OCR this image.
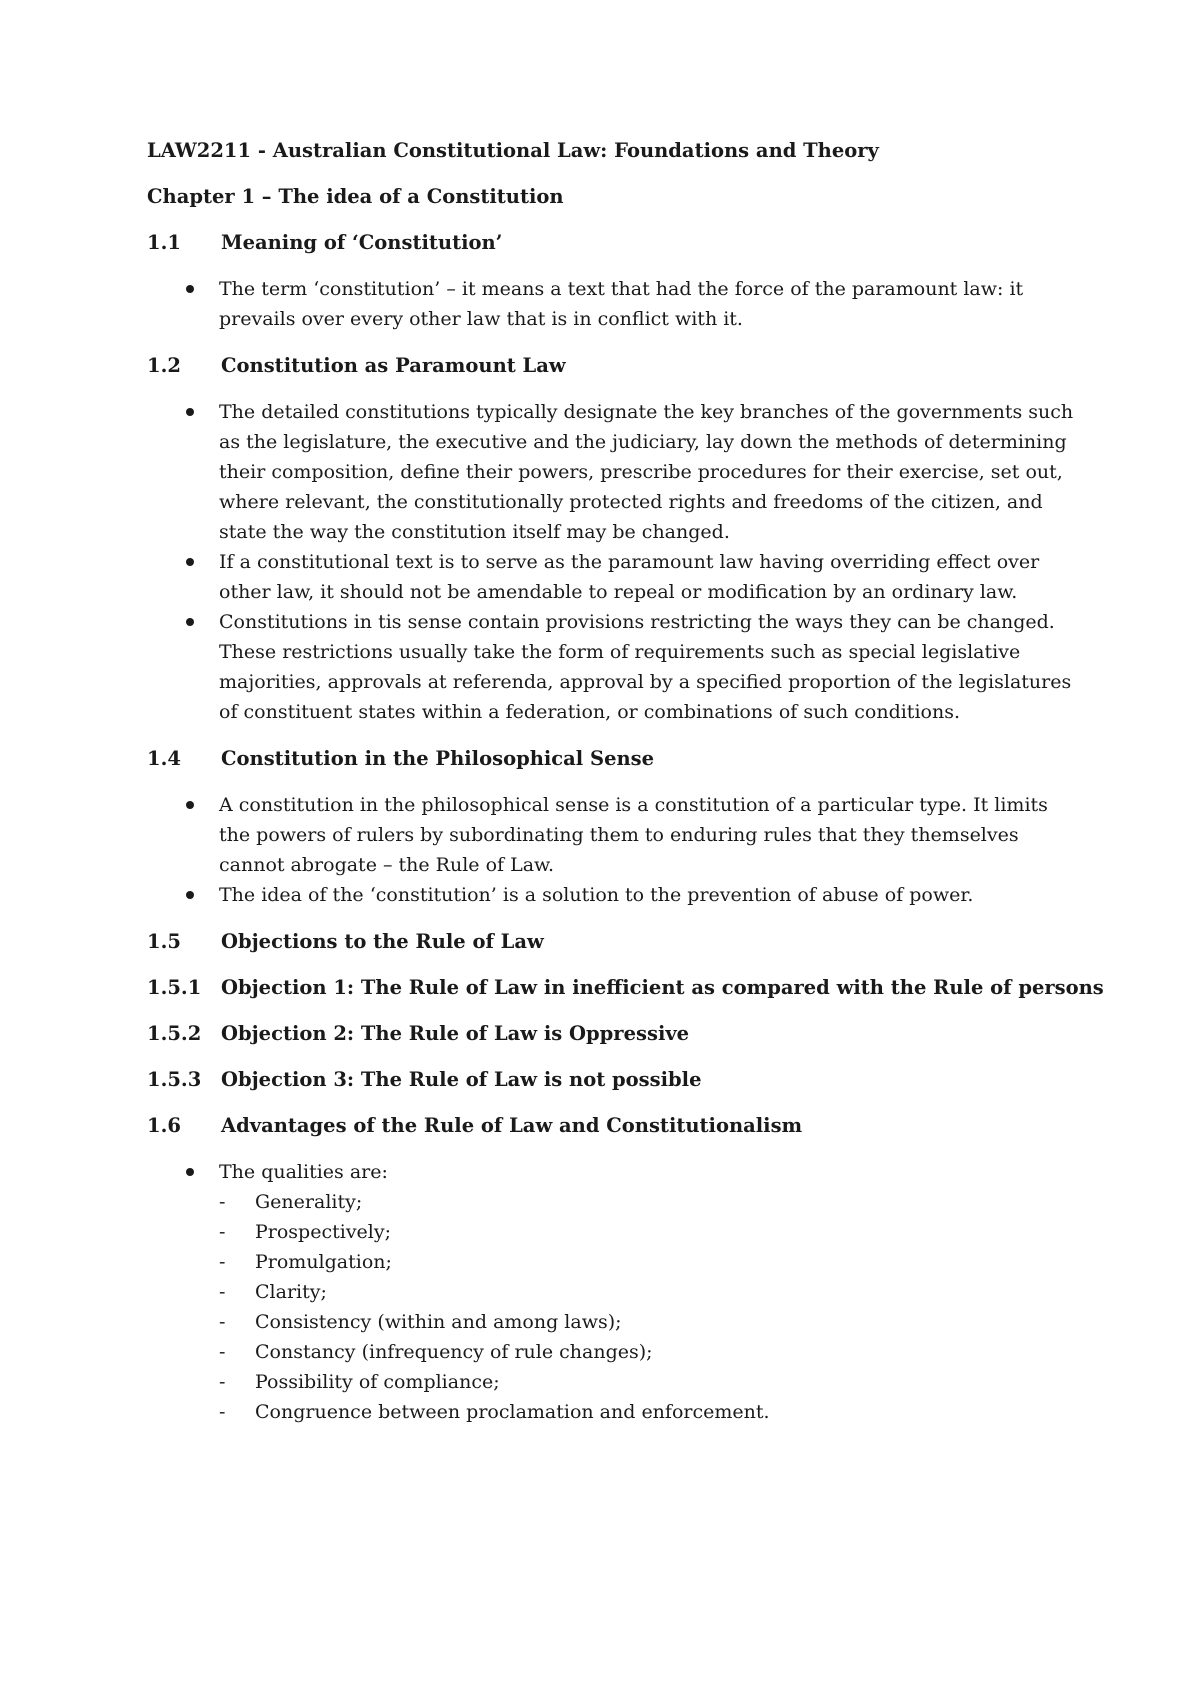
LAW2211 - Australian Constitutional Law: Foundations and Theory
Chapter 1 – The idea of a Constitution
1.1	Meaning of ‘Constitution’
The term ‘constitution’ – it means a text that had the force of the paramount law: it prevails over every other law that is in conflict with it.
1.2	Constitution as Paramount Law
The detailed constitutions typically designate the key branches of the governments such as the legislature, the executive and the judiciary, lay down the methods of determining their composition, define their powers, prescribe procedures for their exercise, set out, where relevant, the constitutionally protected rights and freedoms of the citizen, and state the way the constitution itself may be changed.
If a constitutional text is to serve as the paramount law having overriding effect over other law, it should not be amendable to repeal or modification by an ordinary law.
Constitutions in tis sense contain provisions restricting the ways they can be changed. These restrictions usually take the form of requirements such as special legislative majorities, approvals at referenda, approval by a specified proportion of the legislatures of constituent states within a federation, or combinations of such conditions.
1.4	Constitution in the Philosophical Sense
A constitution in the philosophical sense is a constitution of a particular type. It limits the powers of rulers by subordinating them to enduring rules that they themselves cannot abrogate – the Rule of Law.
The idea of the ‘constitution’ is a solution to the prevention of abuse of power.
1.5	Objections to the Rule of Law
1.5.1	Objection 1: The Rule of Law in inefficient as compared with the Rule of persons
1.5.2	Objection 2: The Rule of Law is Oppressive
1.5.3	Objection 3: The Rule of Law is not possible
1.6	Advantages of the Rule of Law and Constitutionalism
The qualities are:
- Generality;
- Prospectively;
- Promulgation;
- Clarity;
- Consistency (within and among laws);
- Constancy (infrequency of rule changes);
- Possibility of compliance;
- Congruence between proclamation and enforcement.
